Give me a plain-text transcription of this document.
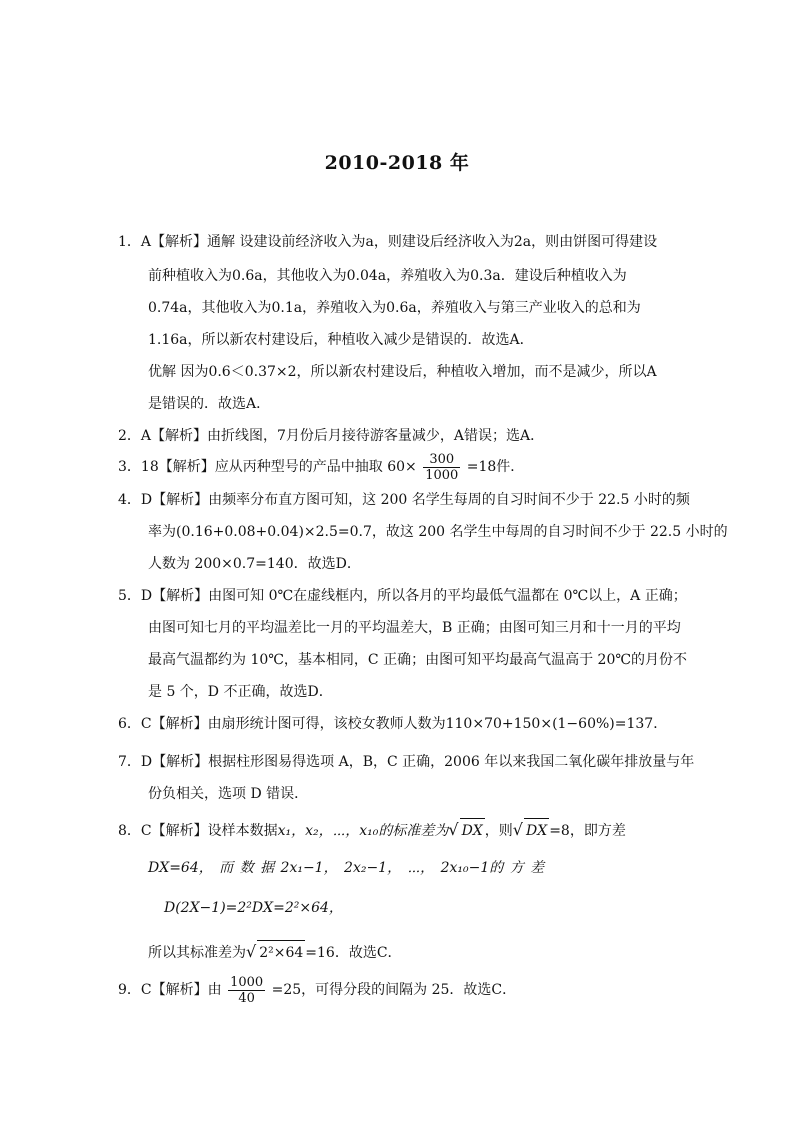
2010-2018 年
1．A【解析】通解 设建设前经济收入为a，则建设后经济收入为2a，则由饼图可得建设
前种植收入为0.6a，其他收入为0.04a，养殖收入为0.3a．建设后种植收入为
0.74a，其他收入为0.1a，养殖收入为0.6a，养殖收入与第三产业收入的总和为
1.16a，所以新农村建设后，种植收入减少是错误的．故选A．
优解 因为0.6＜0.37×2，所以新农村建设后，种植收入增加，而不是减少，所以A
是错误的．故选A．
2．A【解析】由折线图，7月份后月接待游客量减少，A错误；选A．
3．18【解析】应从丙种型号的产品中抽取 $60\times \frac{300}{1000} =18$件．
4．D【解析】由频率分布直方图可知，这 200 名学生每周的自习时间不少于 22.5 小时的频
率为(0.16+0.08+0.04)×2.5=0.7，故这 200 名学生中每周的自习时间不少于 22.5 小时的
人数为 200×0.7=140．故选D．
5．D【解析】由图可知 0℃在虚线框内，所以各月的平均最低气温都在 0℃以上，A 正确；
由图可知七月的平均温差比一月的平均温差大，B 正确；由图可知三月和十一月的平均
最高气温都约为 10℃，基本相同，C 正确；由图可知平均最高气温高于 20℃的月份不
是 5 个，D 不正确，故选D．
6．C【解析】由扇形统计图可得，该校女教师人数为110×70+150×(1−60%)=137．
7．D【解析】根据柱形图易得选项 A，B，C 正确，2006 年以来我国二氧化碳年排放量与年
份负相关，选项 D 错误．
8．C【解析】设样本数据x₁，x₂，⋯，x₁₀的标准差为√ DX ，则√ DX =8，即方差
DX=64， 而 数 据 2x₁−1， 2x₂−1， ⋯， 2x₁₀−1的 方 差
D(2X−1)=2²DX=2²×64，
所以其标准差为√ 2²×64 =16．故选C．
9．C【解析】由 $\frac{1000}{40} =25$，可得分段的间隔为 25．故选C．
